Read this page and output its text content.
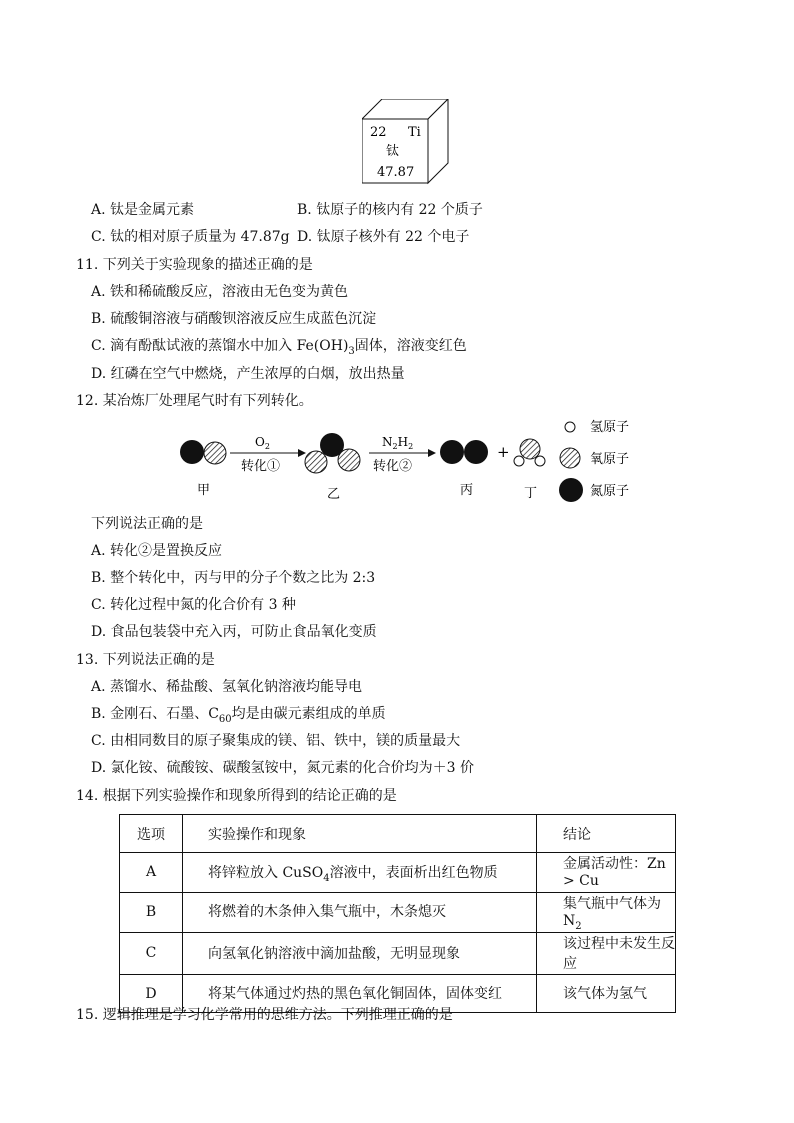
22 Ti
钛
47.87
A. 钛是金属元素	B. 钛原子的核内有 22 个质子
C. 钛的相对原子质量为 47.87g D. 钛原子核外有 22 个电子
11. 下列关于实验现象的描述正确的是
A. 铁和稀硫酸反应，溶液由无色变为黄色
B. 硫酸铜溶液与硝酸钡溶液反应生成蓝色沉淀
C. 滴有酚酞试液的蒸馏水中加入 $Fe(OH)_3$固体，溶液变红色
D. 红磷在空气中燃烧，产生浓厚的白烟，放出热量
12. 某冶炼厂处理尾气时有下列转化。
甲
$O_2$
转化①
乙
$N_2H_2$
转化②
丙
+
丁
氢原子
氧原子
氮原子
下列说法正确的是
A. 转化②是置换反应
B. 整个转化中，丙与甲的分子个数之比为 2:3
C. 转化过程中氮的化合价有 3 种
D. 食品包装袋中充入丙，可防止食品氧化变质
13. 下列说法正确的是
A. 蒸馏水、稀盐酸、氢氧化钠溶液均能导电
B. 金刚石、石墨、$C_{60}$均是由碳元素组成的单质
C. 由相同数目的原子聚集成的镁、铝、铁中，镁的质量最大
D. 氯化铵、硫酸铵、碳酸氢铵中，氮元素的化合价均为＋3 价
14. 根据下列实验操作和现象所得到的结论正确的是
选项	实验操作和现象	结论
A	将锌粒放入 CuSO$_4$溶液中，表面析出红色物质	金属活动性：Zn > Cu
B	将燃着的木条伸入集气瓶中，木条熄灭	集气瓶中气体为 $N_2$
C	向氢氧化钠溶液中滴加盐酸，无明显现象	该过程中未发生反应
D	将某气体通过灼热的黑色氧化铜固体，固体变红	该气体为氢气
15. 逻辑推理是学习化学常用的思维方法。下列推理正确的是
